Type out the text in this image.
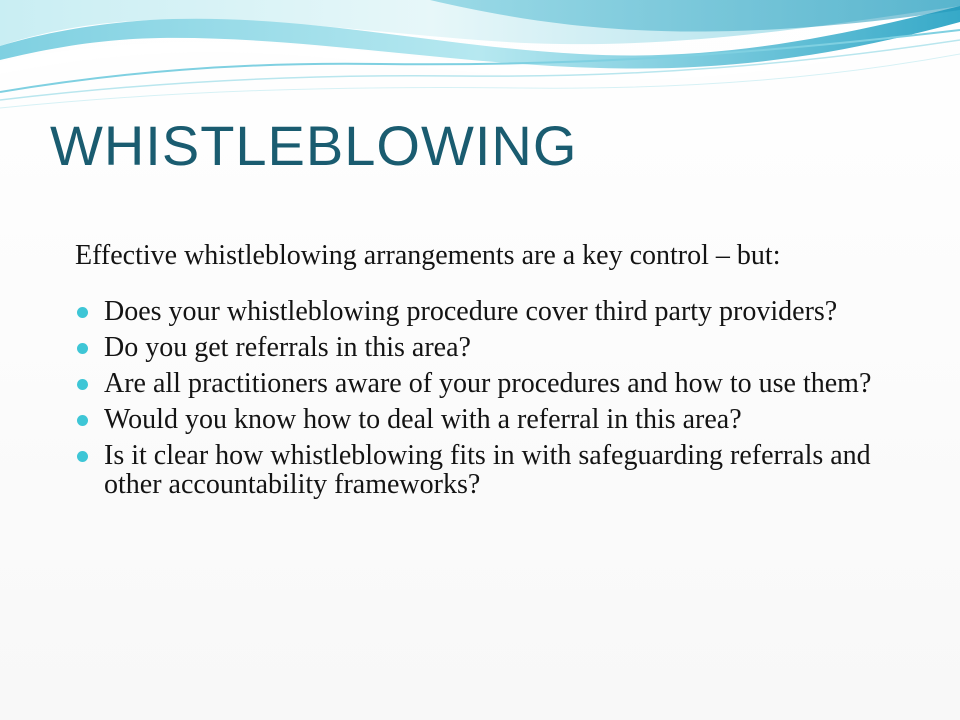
WHISTLEBLOWING

Effective whistleblowing arrangements are a key control – but:

Does your whistleblowing procedure cover third party providers?
Do you get referrals in this area?
Are all practitioners aware of your procedures and how to use them?
Would you know how to deal with a referral in this area?
Is it clear how whistleblowing fits in with safeguarding referrals and other accountability frameworks?
